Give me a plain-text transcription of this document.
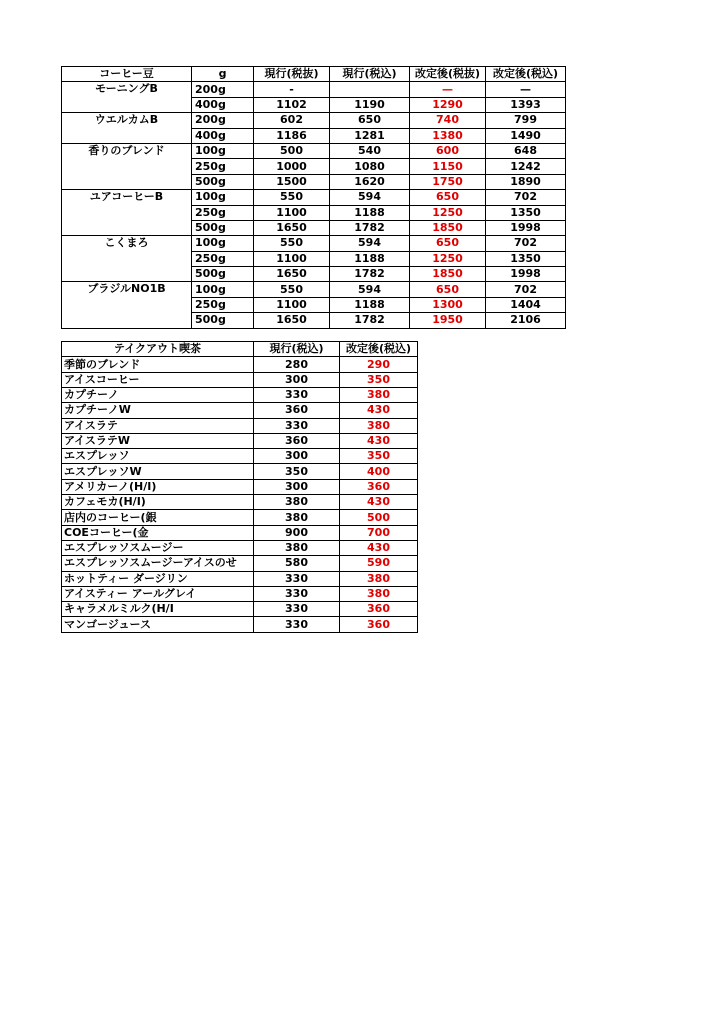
コーヒー豆	g	現行(税抜)	現行(税込)	改定後(税抜)	改定後(税込)
モーニングB	200g	-		—	—
	400g	1102	1190	1290	1393
ウエルカムB	200g	602	650	740	799
	400g	1186	1281	1380	1490
香りのブレンド	100g	500	540	600	648
	250g	1000	1080	1150	1242
	500g	1500	1620	1750	1890
ユアコーヒーB	100g	550	594	650	702
	250g	1100	1188	1250	1350
	500g	1650	1782	1850	1998
こくまろ	100g	550	594	650	702
	250g	1100	1188	1250	1350
	500g	1650	1782	1850	1998
ブラジルNO1B	100g	550	594	650	702
	250g	1100	1188	1300	1404
	500g	1650	1782	1950	2106
テイクアウト喫茶	現行(税込)	改定後(税込)
季節のブレンド	280	290
アイスコーヒー	300	350
カプチーノ	330	380
カプチーノW	360	430
アイスラテ	330	380
アイスラテW	360	430
エスプレッソ	300	350
エスプレッソW	350	400
アメリカーノ(H/I)	300	360
カフェモカ(H/I)	380	430
店内のコーヒー(銀	380	500
COEコーヒー(金	900	700
エスプレッソスムージー	380	430
エスプレッソスムージーアイスのせ	580	590
ホットティー ダージリン	330	380
アイスティー アールグレイ	330	380
キャラメルミルク(H/I	330	360
マンゴージュース	330	360
